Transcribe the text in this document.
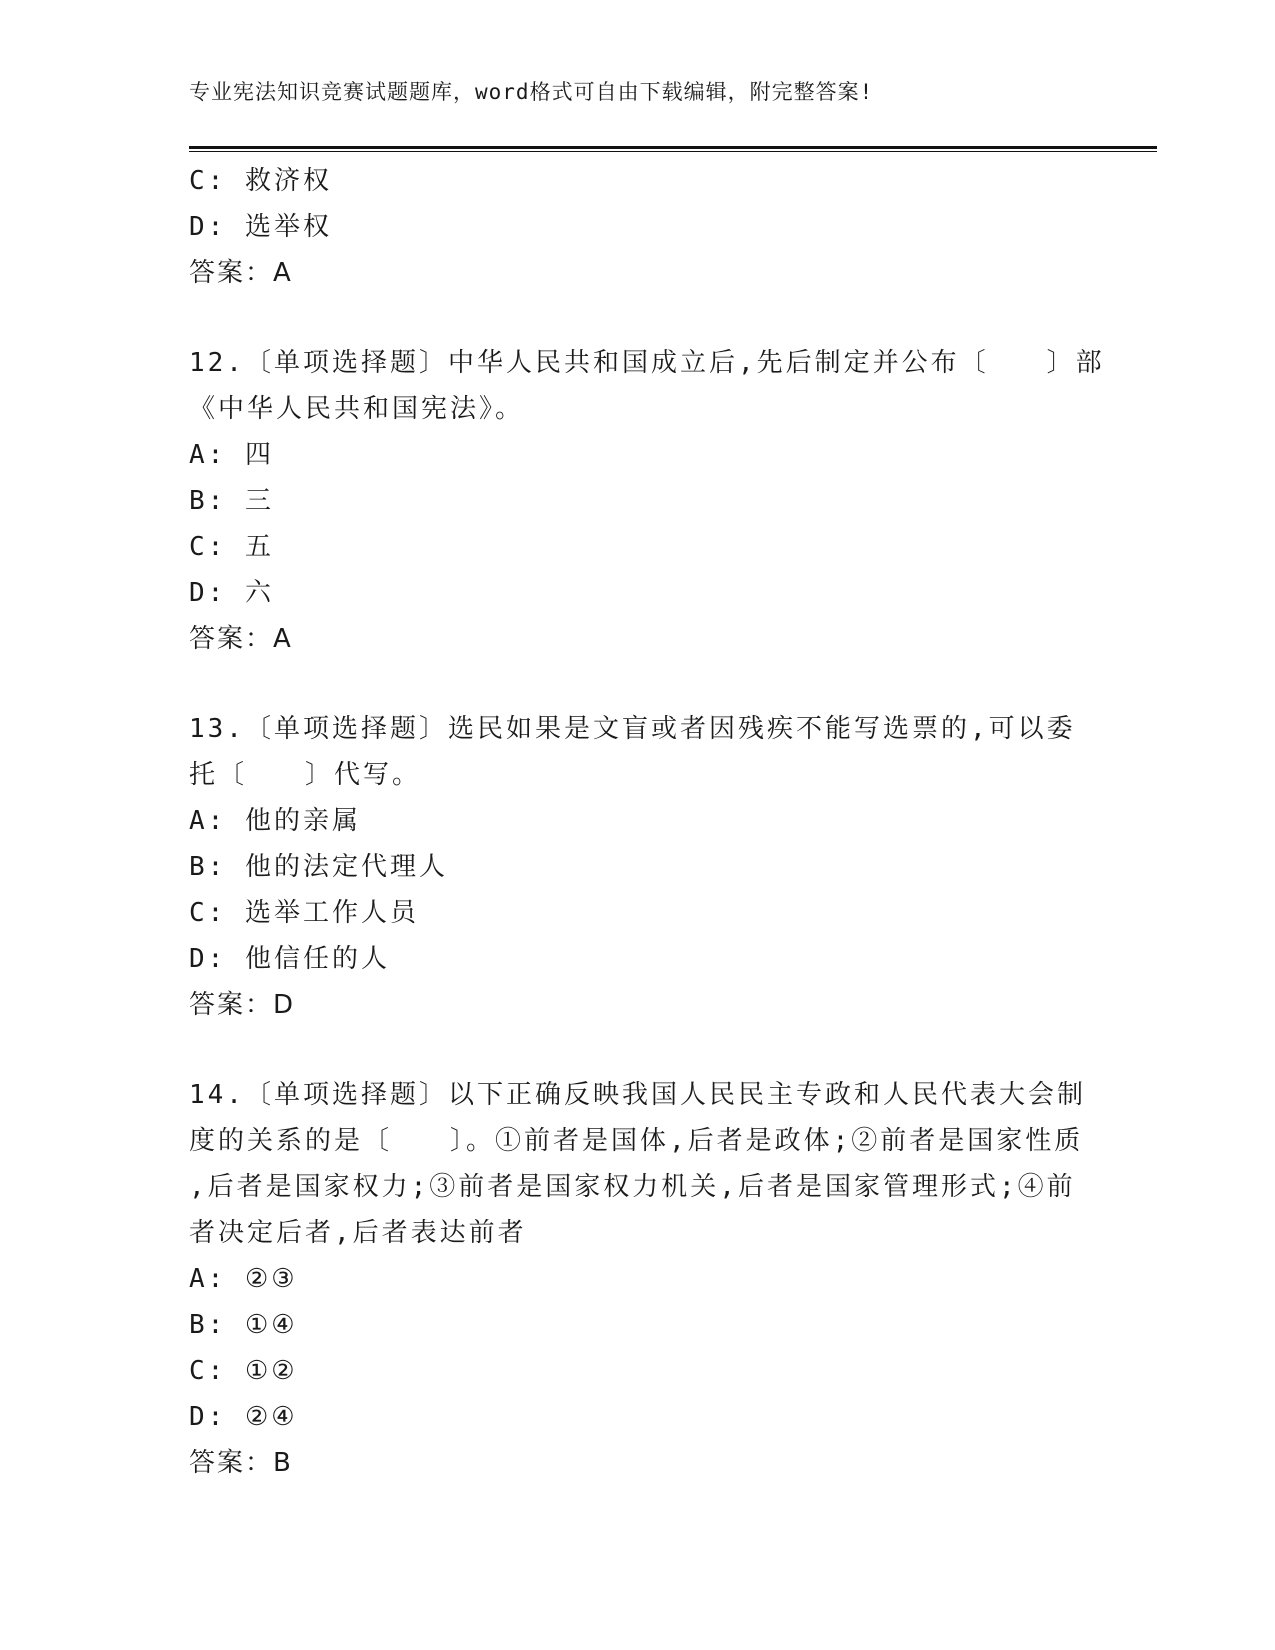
专业宪法知识竞赛试题题库，word格式可自由下载编辑，附完整答案!
C: 救济权
D: 选举权
答案：A
12.〔单项选择题〕中华人民共和国成立后,先后制定并公布〔　　〕部
《中华人民共和国宪法》。
A: 四
B: 三
C: 五
D: 六
答案：A
13.〔单项选择题〕选民如果是文盲或者因残疾不能写选票的,可以委
托〔　　〕代写。
A: 他的亲属
B: 他的法定代理人
C: 选举工作人员
D: 他信任的人
答案：D
14.〔单项选择题〕以下正确反映我国人民民主专政和人民代表大会制
度的关系的是〔　　〕。①前者是国体,后者是政体;②前者是国家性质
,后者是国家权力;③前者是国家权力机关,后者是国家管理形式;④前
者决定后者,后者表达前者
A: ②③
B: ①④
C: ①②
D: ②④
答案：B
